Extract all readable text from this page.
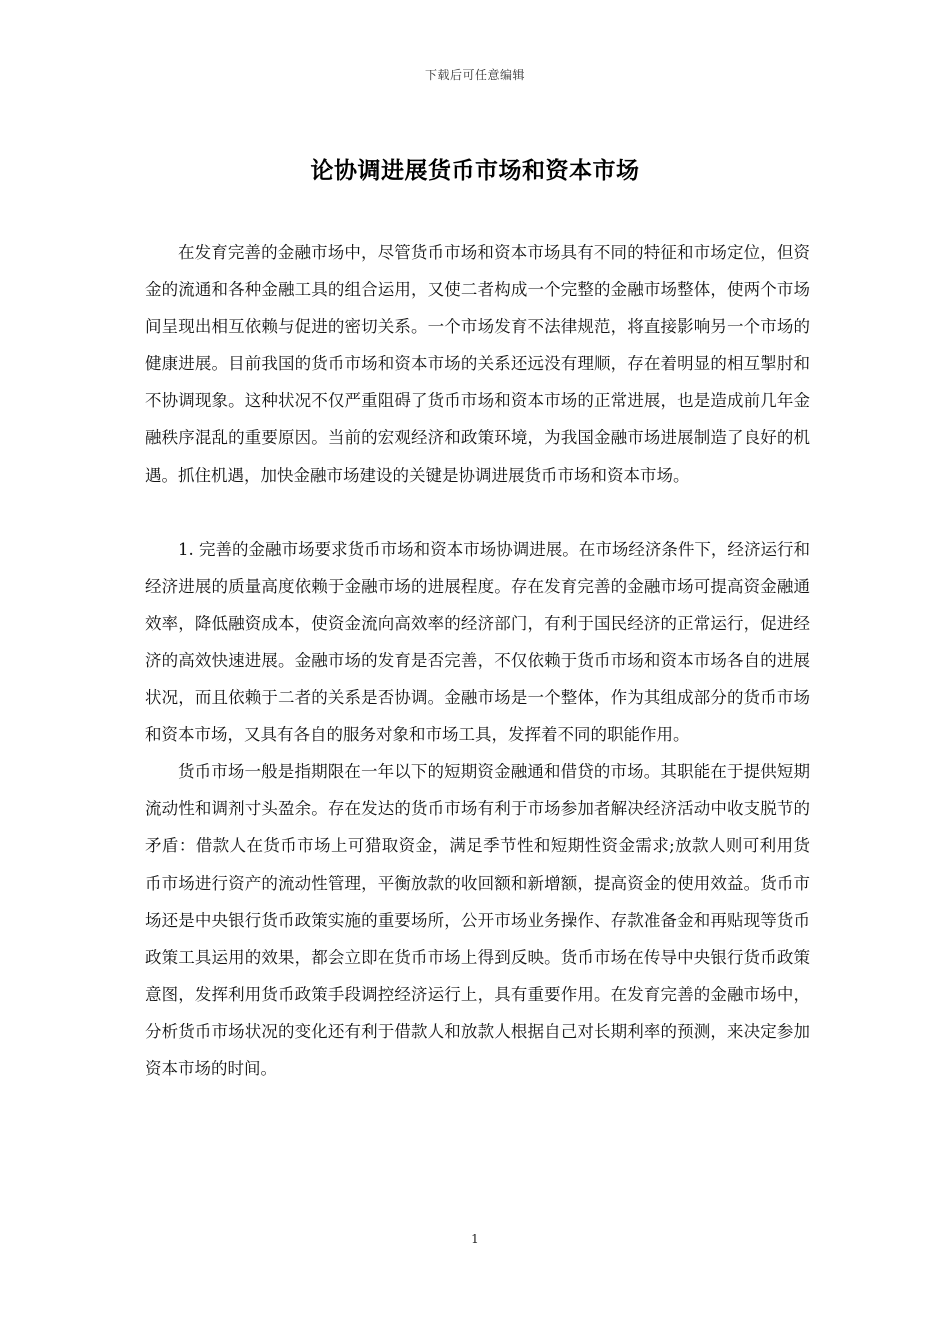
下载后可任意编辑
论协调进展货币市场和资本市场

在发育完善的金融市场中，尽管货币市场和资本市场具有不同的特征和市场定位，但资金的流通和各种金融工具的组合运用，又使二者构成一个完整的金融市场整体，使两个市场间呈现出相互依赖与促进的密切关系。一个市场发育不法律规范，将直接影响另一个市场的健康进展。目前我国的货币市场和资本市场的关系还远没有理顺，存在着明显的相互掣肘和不协调现象。这种状况不仅严重阻碍了货币市场和资本市场的正常进展，也是造成前几年金融秩序混乱的重要原因。当前的宏观经济和政策环境，为我国金融市场进展制造了良好的机遇。抓住机遇，加快金融市场建设的关键是协调进展货币市场和资本市场。

1. 完善的金融市场要求货币市场和资本市场协调进展。在市场经济条件下，经济运行和经济进展的质量高度依赖于金融市场的进展程度。存在发育完善的金融市场可提高资金融通效率，降低融资成本，使资金流向高效率的经济部门，有利于国民经济的正常运行，促进经济的高效快速进展。金融市场的发育是否完善，不仅依赖于货币市场和资本市场各自的进展状况，而且依赖于二者的关系是否协调。金融市场是一个整体，作为其组成部分的货币市场和资本市场，又具有各自的服务对象和市场工具，发挥着不同的职能作用。

货币市场一般是指期限在一年以下的短期资金融通和借贷的市场。其职能在于提供短期流动性和调剂寸头盈余。存在发达的货币市场有利于市场参加者解决经济活动中收支脱节的矛盾：借款人在货币市场上可猎取资金，满足季节性和短期性资金需求;放款人则可利用货币市场进行资产的流动性管理，平衡放款的收回额和新增额，提高资金的使用效益。货币市场还是中央银行货币政策实施的重要场所，公开市场业务操作、存款准备金和再贴现等货币政策工具运用的效果，都会立即在货币市场上得到反映。货币市场在传导中央银行货币政策意图，发挥利用货币政策手段调控经济运行上，具有重要作用。在发育完善的金融市场中，分析货币市场状况的变化还有利于借款人和放款人根据自己对长期利率的预测，来决定参加资本市场的时间。

1
